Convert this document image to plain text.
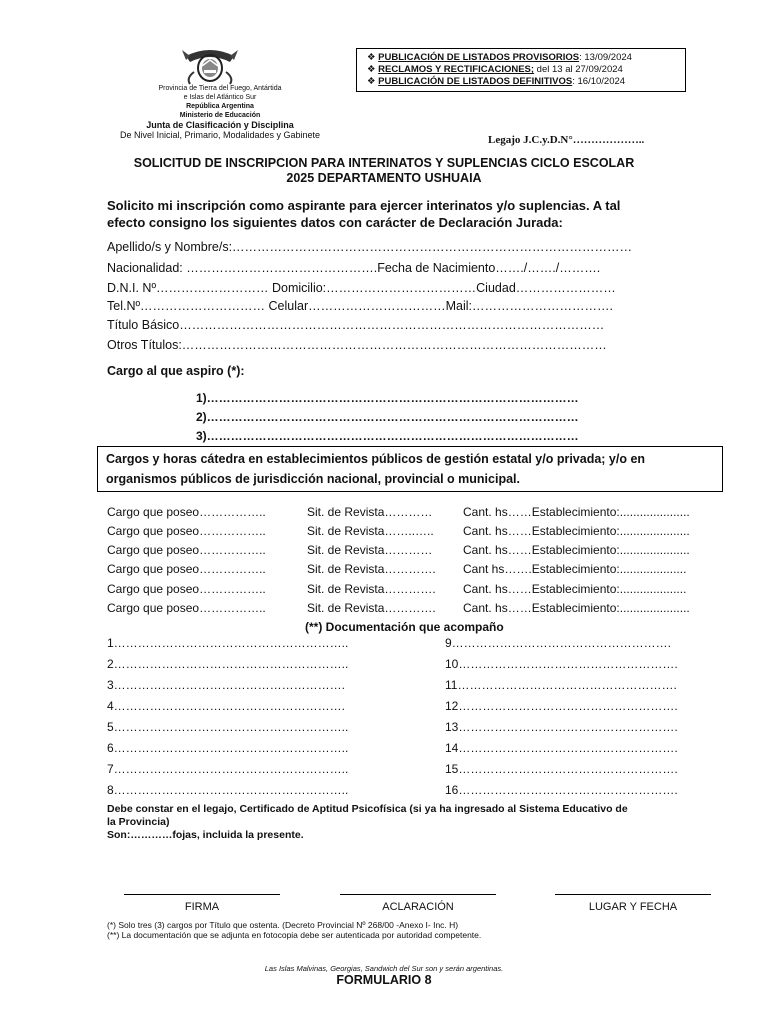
Provincia de Tierra del Fuego, Antártida
e Islas del Atlántico Sur
República Argentina
Ministerio de Educación
Junta de Clasificación y Disciplina
De Nivel Inicial, Primario, Modalidades y Gabinete
❖ PUBLICACIÓN DE LISTADOS PROVISORIOS: 13/09/2024
❖ RECLAMOS Y RECTIFICACIONES; del 13 al 27/09/2024
❖ PUBLICACIÓN DE LISTADOS DEFINITIVOS: 16/10/2024
Legajo J.C.y.D.N°………………..
SOLICITUD DE INSCRIPCION PARA INTERINATOS Y SUPLENCIAS CICLO ESCOLAR
2025 DEPARTAMENTO USHUAIA
Solicito mi inscripción como aspirante para ejercer interinatos y/o suplencias. A tal
efecto consigno los siguientes datos con carácter de Declaración Jurada:
Apellido/s y Nombre/s:……………………………………………………………………………………
Nacionalidad: ……………………………………….Fecha de Nacimiento……./……./……….
D.N.I. Nº……………………… Domicilio:………………………………Ciudad……………………
Tel.Nº………………………… Celular……………………………Mail:…………………………….
Título Básico…………………………………………………………………………………………
Otros Títulos:…………………………………………………………………………………………
Cargo al que aspiro (*):
1)…………………………………………………………………………………
2)…………………………………………………………………………………
3)…………………………………………………………………………………
Cargos y horas cátedra en establecimientos públicos de gestión estatal y/o privada; y/o en organismos públicos de jurisdicción nacional, provincial o municipal.
Cargo que poseo……………..	Sit. de Revista…………	Cant. hs……Establecimiento:.....................
Cargo que poseo……………..	Sit. de Revista……..….. Cant. hs……Establecimiento:.....................
Cargo que poseo……………..	Sit. de Revista…………	Cant. hs……Establecimiento:.....................
Cargo que poseo……………..	Sit. de Revista…………. Cant hs…….Establecimiento:....................
Cargo que poseo……………..	Sit. de Revista…………. Cant. hs……Establecimiento:....................
Cargo que poseo……………..	Sit. de Revista…………. Cant. hs……Establecimiento:.....................
(**) Documentación que acompaño
1…………………………………………………..
2…………………………………………………..
3………………………………………………….
4………………………………………………….
5…………………………………………………..
6…………………………………………………..
7…………………………………………………..
8…………………………………………………..
9……………………………………………….
10……………………………………………….
11……………………………………………….
12……………………………………………….
13……………………………………………….
14……………………………………………….
15……………………………………………….
16……………………………………………….
Debe constar en el legajo, Certificado de Aptitud Psicofísica (si ya ha ingresado al Sistema Educativo de
la Provincia)
Son:…………fojas, incluida la presente.
FIRMA	ACLARACIÓN	LUGAR Y FECHA
(*) Solo tres (3) cargos por Título que ostenta. (Decreto Provincial Nº 268/00 -Anexo I- Inc. H)
(**) La documentación que se adjunta en fotocopia debe ser autenticada por autoridad competente.
Las Islas Malvinas, Georgias, Sandwich del Sur son y serán argentinas.
FORMULARIO 8
